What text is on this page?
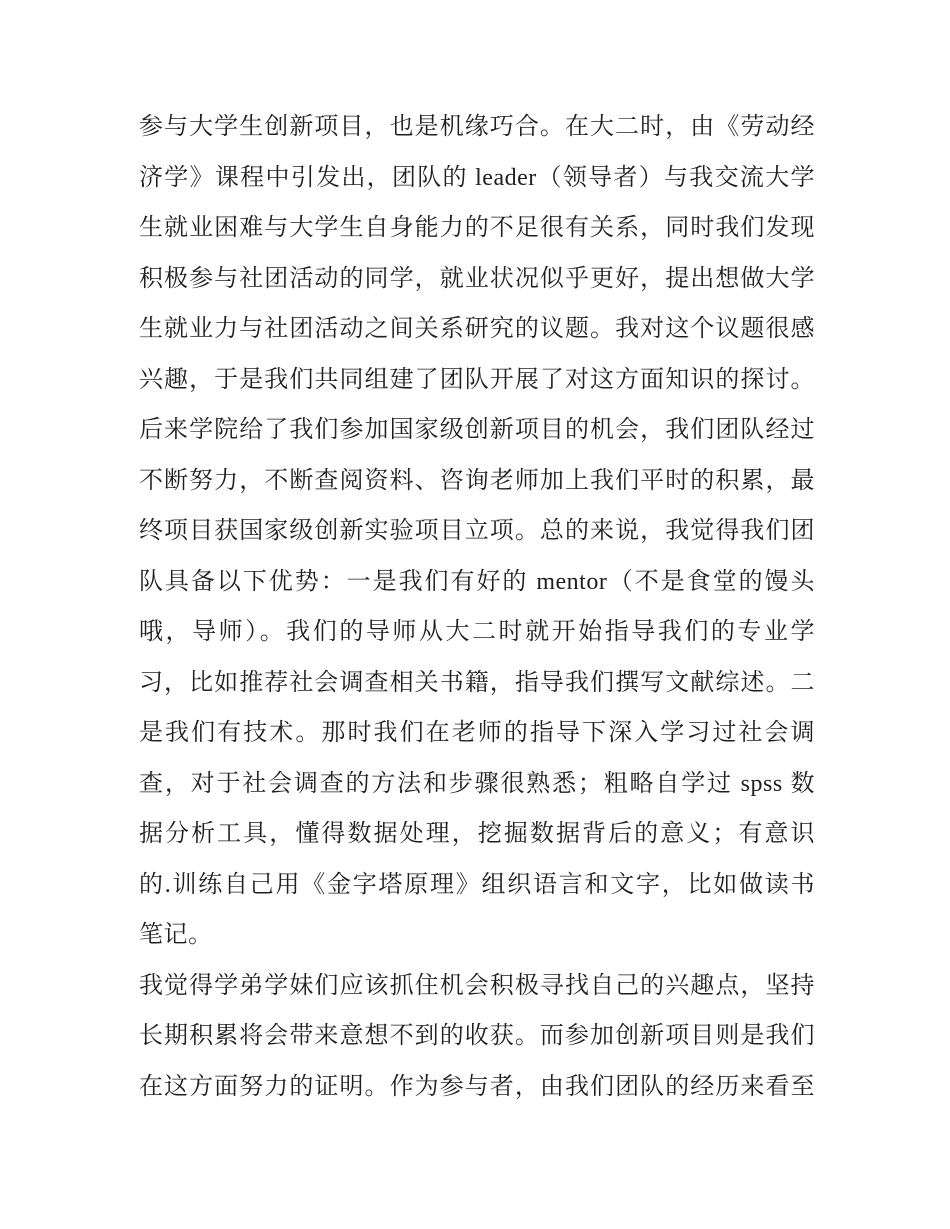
参与大学生创新项目，也是机缘巧合。在大二时，由《劳动经
济学》课程中引发出，团队的 leader（领导者）与我交流大学
生就业困难与大学生自身能力的不足很有关系，同时我们发现
积极参与社团活动的同学，就业状况似乎更好，提出想做大学
生就业力与社团活动之间关系研究的议题。我对这个议题很感
兴趣，于是我们共同组建了团队开展了对这方面知识的探讨。
后来学院给了我们参加国家级创新项目的机会，我们团队经过
不断努力，不断查阅资料、咨询老师加上我们平时的积累，最
终项目获国家级创新实验项目立项。总的来说，我觉得我们团
队具备以下优势：一是我们有好的 mentor（不是食堂的馒头
哦，导师）。我们的导师从大二时就开始指导我们的专业学
习，比如推荐社会调查相关书籍，指导我们撰写文献综述。二
是我们有技术。那时我们在老师的指导下深入学习过社会调
查，对于社会调查的方法和步骤很熟悉；粗略自学过 spss 数
据分析工具，懂得数据处理，挖掘数据背后的意义；有意识
的.训练自己用《金字塔原理》组织语言和文字，比如做读书
笔记。
我觉得学弟学妹们应该抓住机会积极寻找自己的兴趣点，坚持
长期积累将会带来意想不到的收获。而参加创新项目则是我们
在这方面努力的证明。作为参与者，由我们团队的经历来看至
